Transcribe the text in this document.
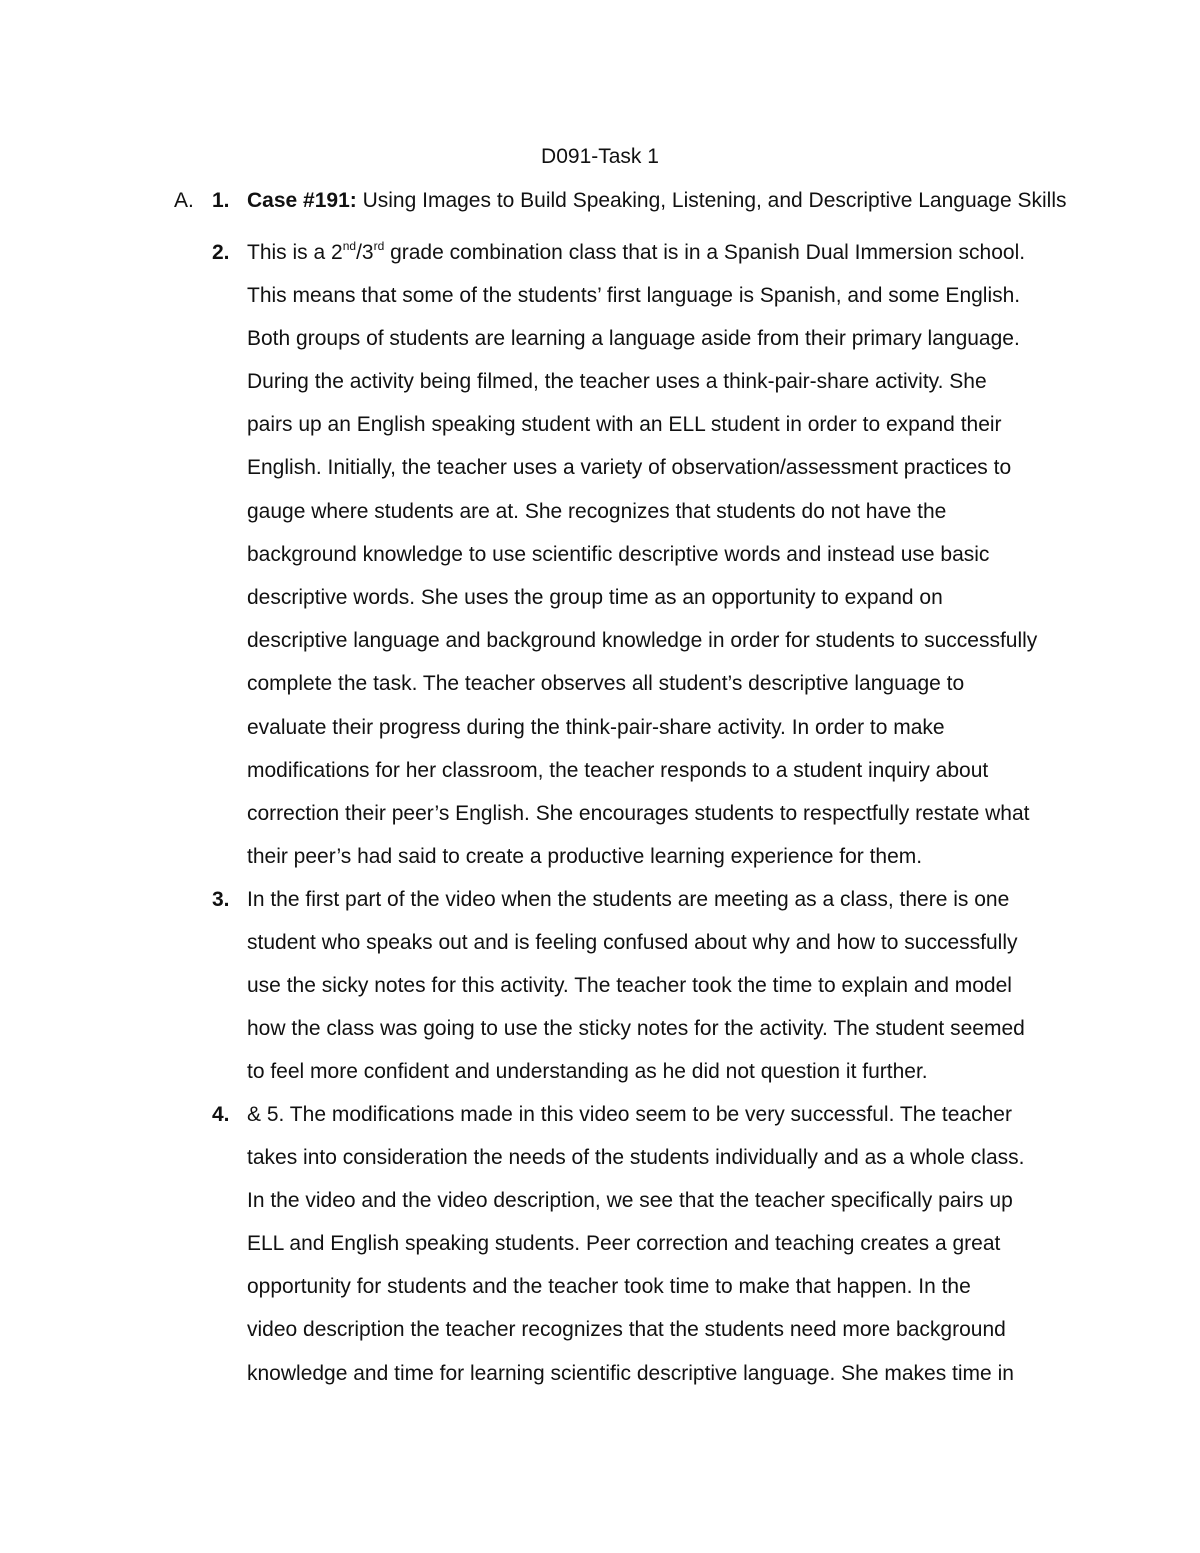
D091-Task 1
A. 1. Case #191: Using Images to Build Speaking, Listening, and Descriptive Language Skills
2. This is a 2nd/3rd grade combination class that is in a Spanish Dual Immersion school.
This means that some of the students’ first language is Spanish, and some English.
Both groups of students are learning a language aside from their primary language.
During the activity being filmed, the teacher uses a think-pair-share activity. She
pairs up an English speaking student with an ELL student in order to expand their
English. Initially, the teacher uses a variety of observation/assessment practices to
gauge where students are at. She recognizes that students do not have the
background knowledge to use scientific descriptive words and instead use basic
descriptive words. She uses the group time as an opportunity to expand on
descriptive language and background knowledge in order for students to successfully
complete the task. The teacher observes all student’s descriptive language to
evaluate their progress during the think-pair-share activity. In order to make
modifications for her classroom, the teacher responds to a student inquiry about
correction their peer’s English. She encourages students to respectfully restate what
their peer’s had said to create a productive learning experience for them.
3. In the first part of the video when the students are meeting as a class, there is one
student who speaks out and is feeling confused about why and how to successfully
use the sicky notes for this activity. The teacher took the time to explain and model
how the class was going to use the sticky notes for the activity. The student seemed
to feel more confident and understanding as he did not question it further.
4. & 5. The modifications made in this video seem to be very successful. The teacher
takes into consideration the needs of the students individually and as a whole class.
In the video and the video description, we see that the teacher specifically pairs up
ELL and English speaking students. Peer correction and teaching creates a great
opportunity for students and the teacher took time to make that happen. In the
video description the teacher recognizes that the students need more background
knowledge and time for learning scientific descriptive language. She makes time in
